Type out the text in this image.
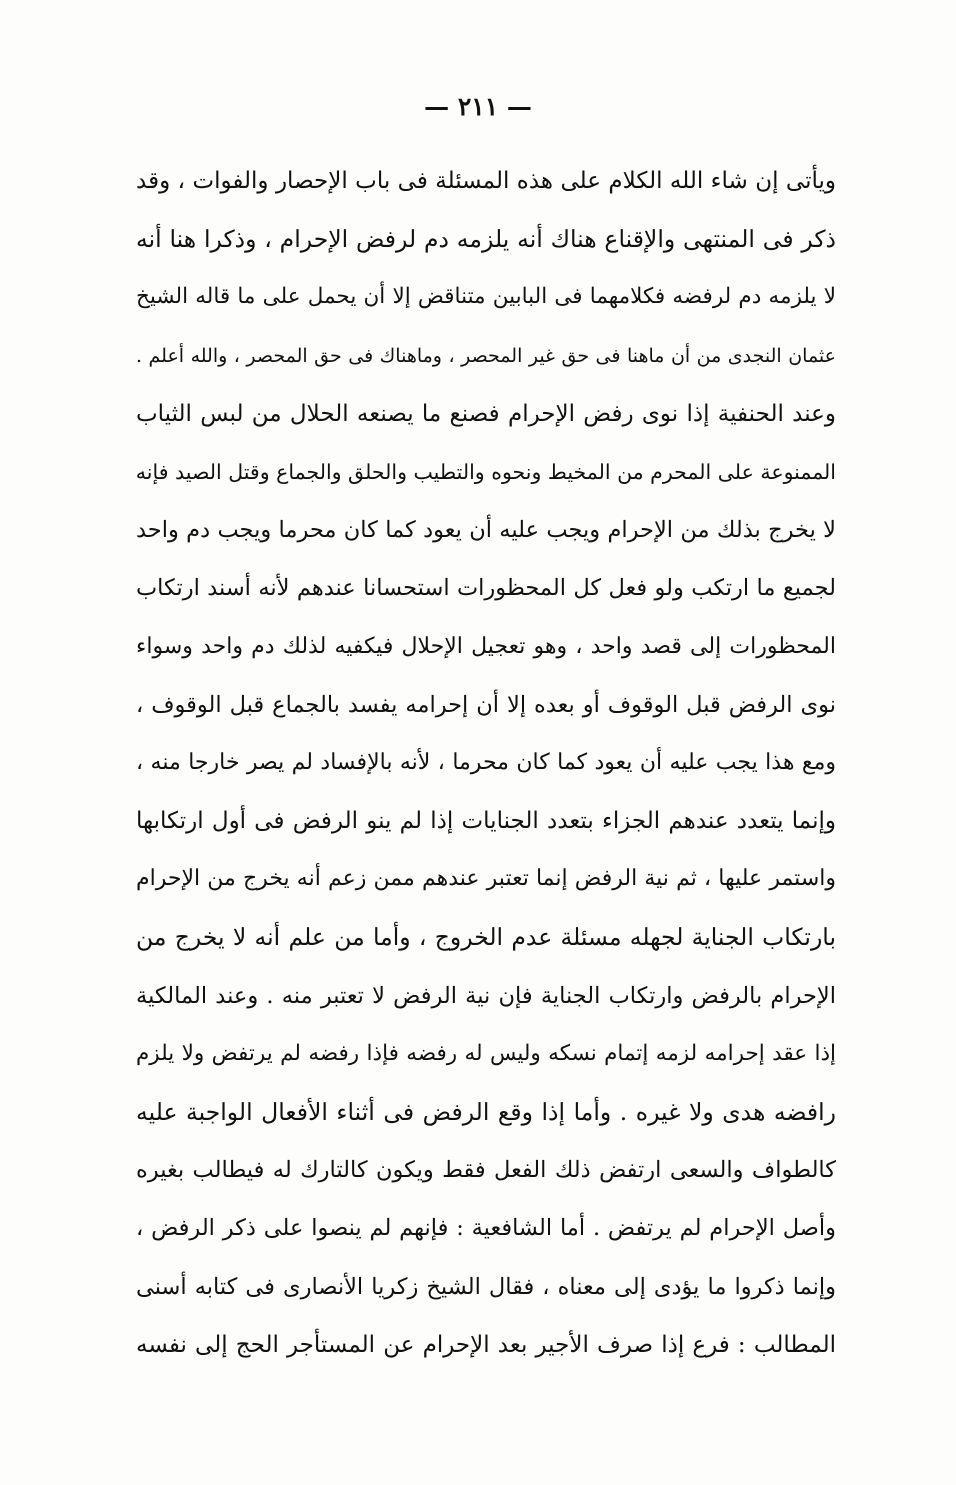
— ٢١١ —
ويأتى إن شاء الله الكلام على هذه المسئلة فى باب الإحصار والفوات ، وقد
ذكر فى المنتهى والإقناع هناك أنه يلزمه دم لرفض الإحرام ، وذكرا هنا أنه
لا يلزمه دم لرفضه فكلامهما فى البابين متناقض إلا أن يحمل على ما قاله الشيخ
عثمان النجدى من أن ماهنا فى حق غير المحصر ، وماهناك فى حق المحصر ، والله أعلم .
وعند الحنفية إذا نوى رفض الإحرام فصنع ما يصنعه الحلال من لبس الثياب
الممنوعة على المحرم من المخيط ونحوه والتطيب والحلق والجماع وقتل الصيد فإنه
لا يخرج بذلك من الإحرام ويجب عليه أن يعود كما كان محرما ويجب دم واحد
لجميع ما ارتكب ولو فعل كل المحظورات استحسانا عندهم لأنه أسند ارتكاب
المحظورات إلى قصد واحد ، وهو تعجيل الإحلال فيكفيه لذلك دم واحد وسواء
نوى الرفض قبل الوقوف أو بعده إلا أن إحرامه يفسد بالجماع قبل الوقوف ،
ومع هذا يجب عليه أن يعود كما كان محرما ، لأنه بالإفساد لم يصر خارجا منه ،
وإنما يتعدد عندهم الجزاء بتعدد الجنايات إذا لم ينو الرفض فى أول ارتكابها
واستمر عليها ، ثم نية الرفض إنما تعتبر عندهم ممن زعم أنه يخرج من الإحرام
بارتكاب الجناية لجهله مسئلة عدم الخروج ، وأما من علم أنه لا يخرج من
الإحرام بالرفض وارتكاب الجناية فإن نية الرفض لا تعتبر منه . وعند المالكية
إذا عقد إحرامه لزمه إتمام نسكه وليس له رفضه فإذا رفضه لم يرتفض ولا يلزم
رافضه هدى ولا غيره . وأما إذا وقع الرفض فى أثناء الأفعال الواجبة عليه
كالطواف والسعى ارتفض ذلك الفعل فقط ويكون كالتارك له فيطالب بغيره
وأصل الإحرام لم يرتفض . أما الشافعية : فإنهم لم ينصوا على ذكر الرفض ،
وإنما ذكروا ما يؤدى إلى معناه ، فقال الشيخ زكريا الأنصارى فى كتابه أسنى
المطالب : فرع إذا صرف الأجير بعد الإحرام عن المستأجر الحج إلى نفسه
